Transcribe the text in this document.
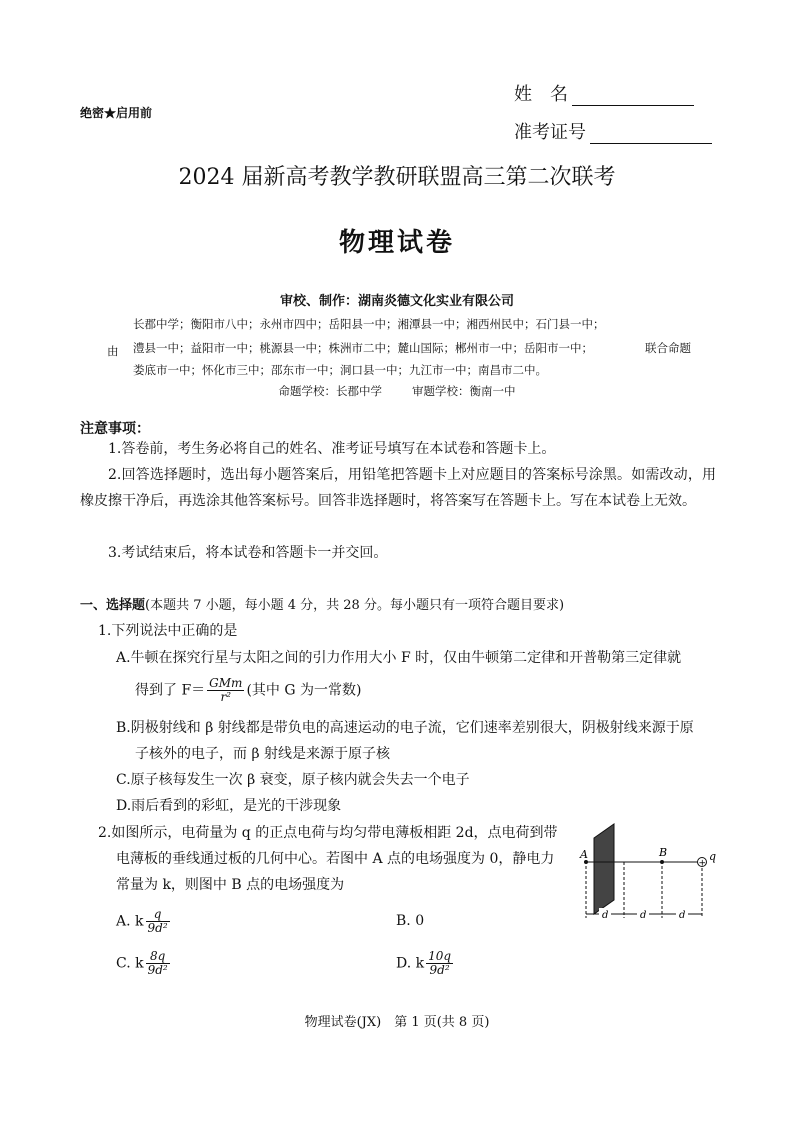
绝密★启用前
姓　名
准考证号
2024 届新高考教学教研联盟高三第二次联考
物理试卷
审校、制作：湖南炎德文化实业有限公司
长郡中学；衡阳市八中；永州市四中；岳阳县一中；湘潭县一中；湘西州民中；石门县一中；
由 澧县一中；益阳市一中；桃源县一中；株洲市二中；麓山国际；郴州市一中；岳阳市一中；	联合命题
娄底市一中；怀化市三中；邵东市一中；洞口县一中；九江市一中；南昌市二中。
命题学校：长郡中学	审题学校：衡南一中
注意事项：
1.答卷前，考生务必将自己的姓名、准考证号填写在本试卷和答题卡上。
2.回答选择题时，选出每小题答案后，用铅笔把答题卡上对应题目的答案标号涂黑。如需改动，用橡皮擦干净后，再选涂其他答案标号。回答非选择题时，将答案写在答题卡上。写在本试卷上无效。
3.考试结束后，将本试卷和答题卡一并交回。
一、选择题(本题共 7 小题，每小题 4 分，共 28 分。每小题只有一项符合题目要求)
1.下列说法中正确的是
A.牛顿在探究行星与太阳之间的引力作用大小 F 时，仅由牛顿第二定律和开普勒第三定律就
得到了 $F= \frac{\text{GMm}}{\text{r²}}$ (其中 G 为一常数)
B.阴极射线和 β 射线都是带负电的高速运动的电子流，它们速率差别很大，阴极射线来源于原
子核外的电子，而 β 射线是来源于原子核
C.原子核每发生一次 β 衰变，原子核内就会失去一个电子
D.雨后看到的彩虹，是光的干涉现象
2.如图所示，电荷量为 q 的正点电荷与均匀带电薄板相距 2d，点电荷到带
电薄板的垂线通过板的几何中心。若图中 A 点的电场强度为 0，静电力
常量为 k，则图中 B 点的电场强度为
A. k $\frac{q}{\text{9d²}}$	B. 0
C. k $\frac{8q}{\text{9d²}}$	D. k $\frac{10q}{\text{9d²}}$
+
A	B	q
d	d	d
物理试卷(JX)　第 1 页(共 8 页)
